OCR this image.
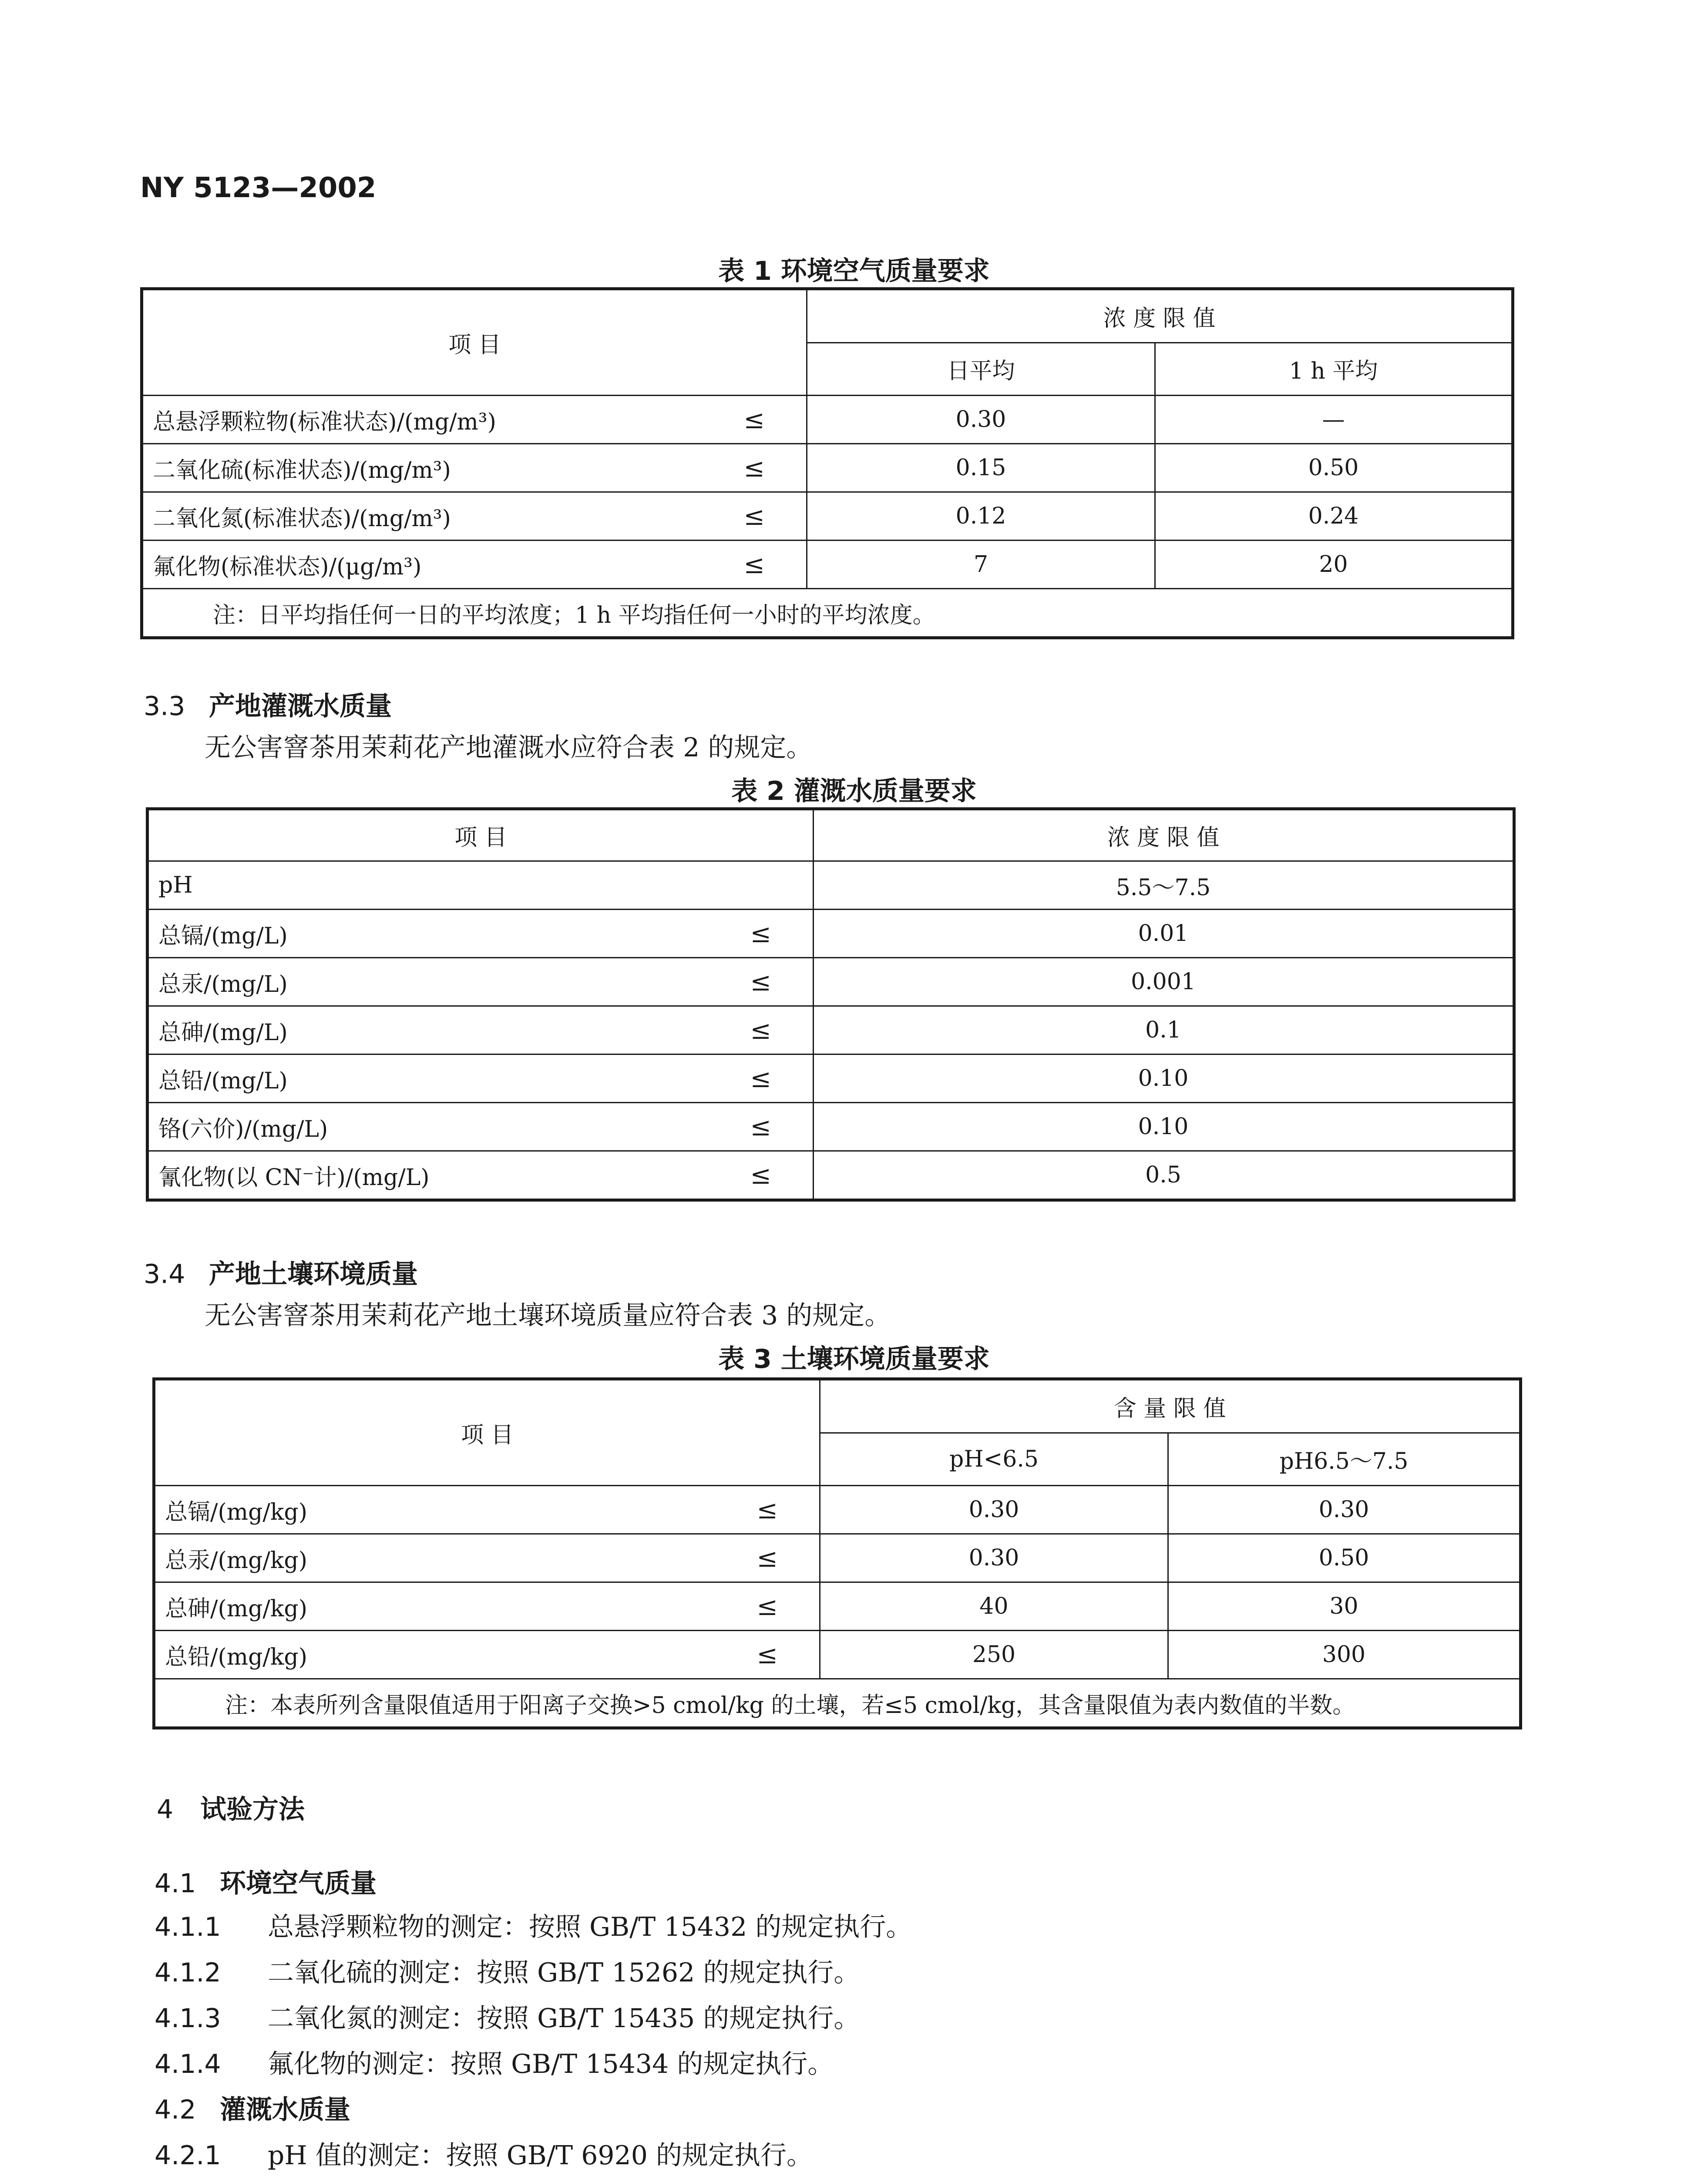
NY 5123—2002
表 1 环境空气质量要求
项 目	浓 度 限 值	
	日平均	1 h 平均
总悬浮颗粒物(标准状态)/(mg/m³) ≤	0.30	—
二氧化硫(标准状态)/(mg/m³) ≤	0.15	0.50
二氧化氮(标准状态)/(mg/m³) ≤	0.12	0.24
氟化物(标准状态)/(μg/m³) ≤	7	20
注：日平均指任何一日的平均浓度；1 h 平均指任何一小时的平均浓度。		
3.3 产地灌溉水质量
无公害窨茶用茉莉花产地灌溉水应符合表 2 的规定。
表 2 灌溉水质量要求
项 目	浓 度 限 值
pH	5.5～7.5
总镉/(mg/L) ≤	0.01
总汞/(mg/L) ≤	0.001
总砷/(mg/L) ≤	0.1
总铅/(mg/L) ≤	0.10
铬(六价)/(mg/L) ≤	0.10
氰化物(以 CN⁻计)/(mg/L) ≤	0.5
3.4 产地土壤环境质量
无公害窨茶用茉莉花产地土壤环境质量应符合表 3 的规定。
表 3 土壤环境质量要求
项 目	含 量 限 值	
	pH<6.5	pH6.5～7.5
总镉/(mg/kg) ≤	0.30	0.30
总汞/(mg/kg) ≤	0.30	0.50
总砷/(mg/kg) ≤	40	30
总铅/(mg/kg) ≤	250	300
注：本表所列含量限值适用于阳离子交换>5 cmol/kg 的土壤，若≤5 cmol/kg，其含量限值为表内数值的半数。		
4 试验方法
4.1 环境空气质量
4.1.1 总悬浮颗粒物的测定：按照 GB/T 15432 的规定执行。
4.1.2 二氧化硫的测定：按照 GB/T 15262 的规定执行。
4.1.3 二氧化氮的测定：按照 GB/T 15435 的规定执行。
4.1.4 氟化物的测定：按照 GB/T 15434 的规定执行。
4.2 灌溉水质量
4.2.1 pH 值的测定：按照 GB/T 6920 的规定执行。
